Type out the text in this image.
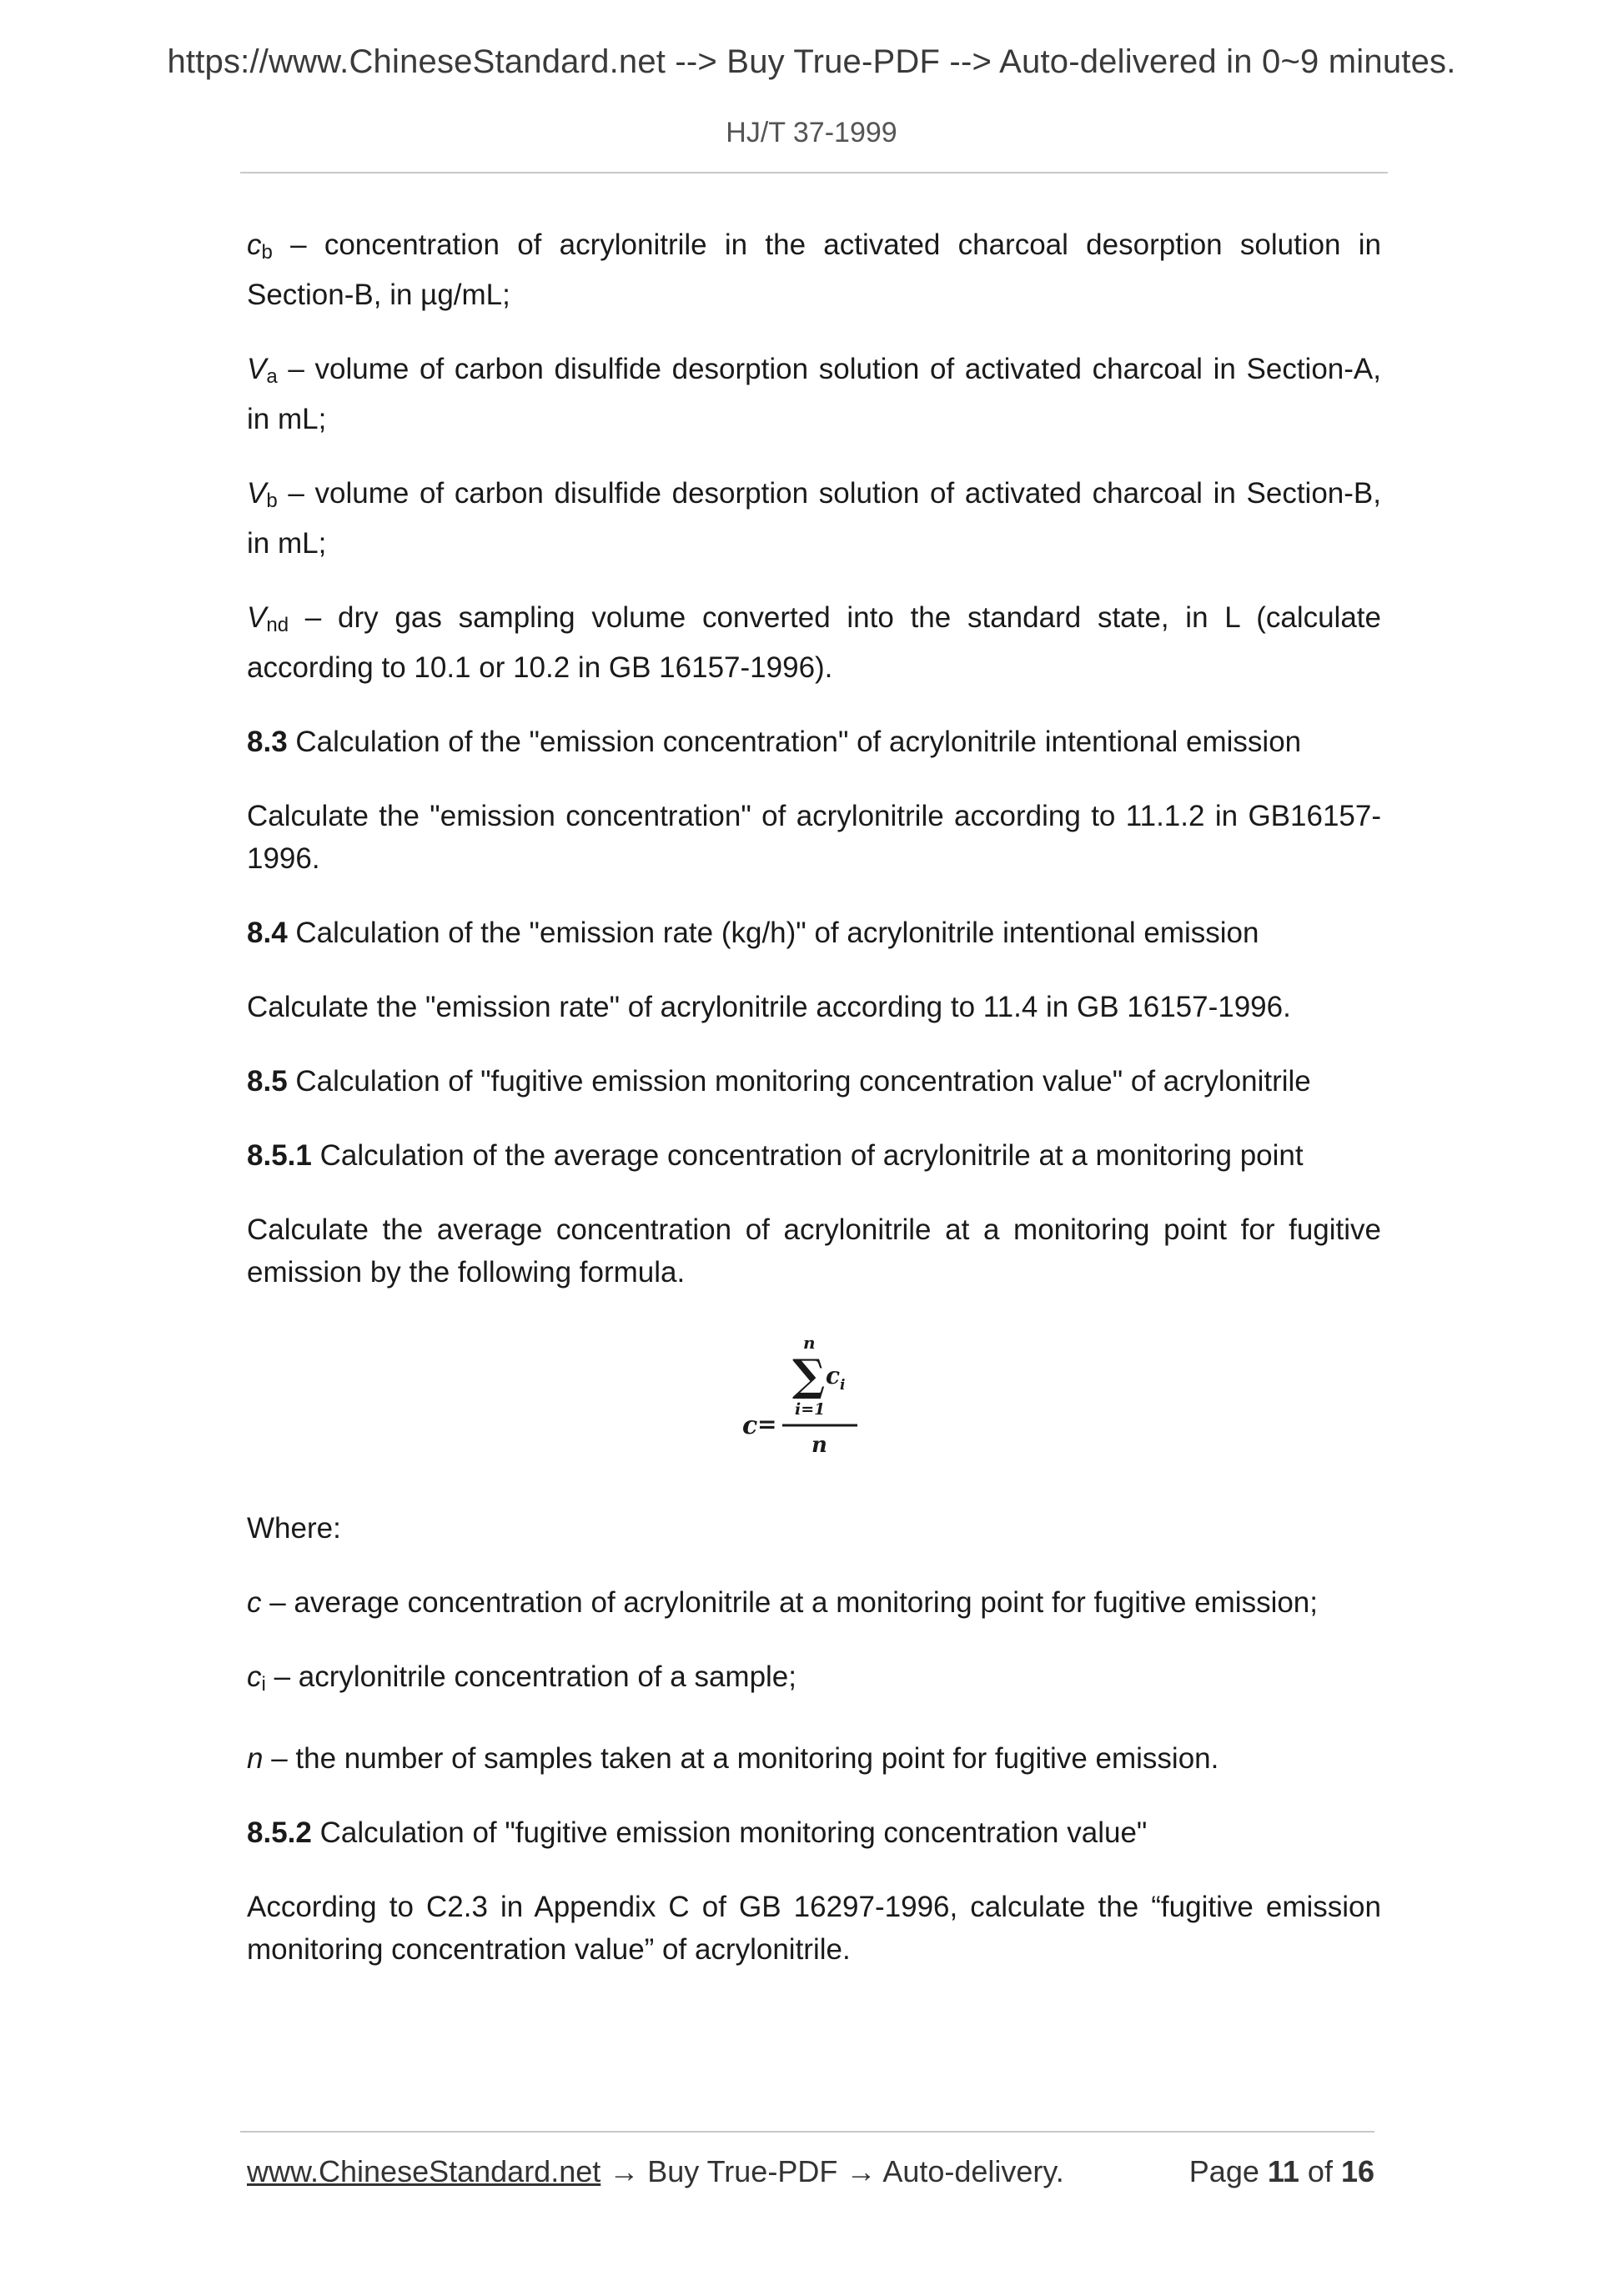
https://www.ChineseStandard.net --> Buy True-PDF --> Auto-delivered in 0~9 minutes.
HJ/T 37-1999

$c_b$ – concentration of acrylonitrile in the activated charcoal desorption solution in Section-B, in µg/mL;

$V_a$ – volume of carbon disulfide desorption solution of activated charcoal in Section-A, in mL;

$V_b$ – volume of carbon disulfide desorption solution of activated charcoal in Section-B, in mL;

$V_{nd}$ – dry gas sampling volume converted into the standard state, in L (calculate according to 10.1 or 10.2 in GB 16157-1996).

8.3 Calculation of the "emission concentration" of acrylonitrile intentional emission

Calculate the "emission concentration" of acrylonitrile according to 11.1.2 in GB16157-1996.

8.4 Calculation of the "emission rate (kg/h)" of acrylonitrile intentional emission

Calculate the "emission rate" of acrylonitrile according to 11.4 in GB 16157-1996.

8.5 Calculation of "fugitive emission monitoring concentration value" of acrylonitrile

8.5.1 Calculation of the average concentration of acrylonitrile at a monitoring point

Calculate the average concentration of acrylonitrile at a monitoring point for fugitive emission by the following formula.

c =
n
∑ c i
i=1
n

Where:

c – average concentration of acrylonitrile at a monitoring point for fugitive emission;

$c_i$ – acrylonitrile concentration of a sample;

n – the number of samples taken at a monitoring point for fugitive emission.

8.5.2 Calculation of "fugitive emission monitoring concentration value"

According to C2.3 in Appendix C of GB 16297-1996, calculate the “fugitive emission monitoring concentration value” of acrylonitrile.

www.ChineseStandard.net → Buy True-PDF → Auto-delivery.	Page 11 of 16
